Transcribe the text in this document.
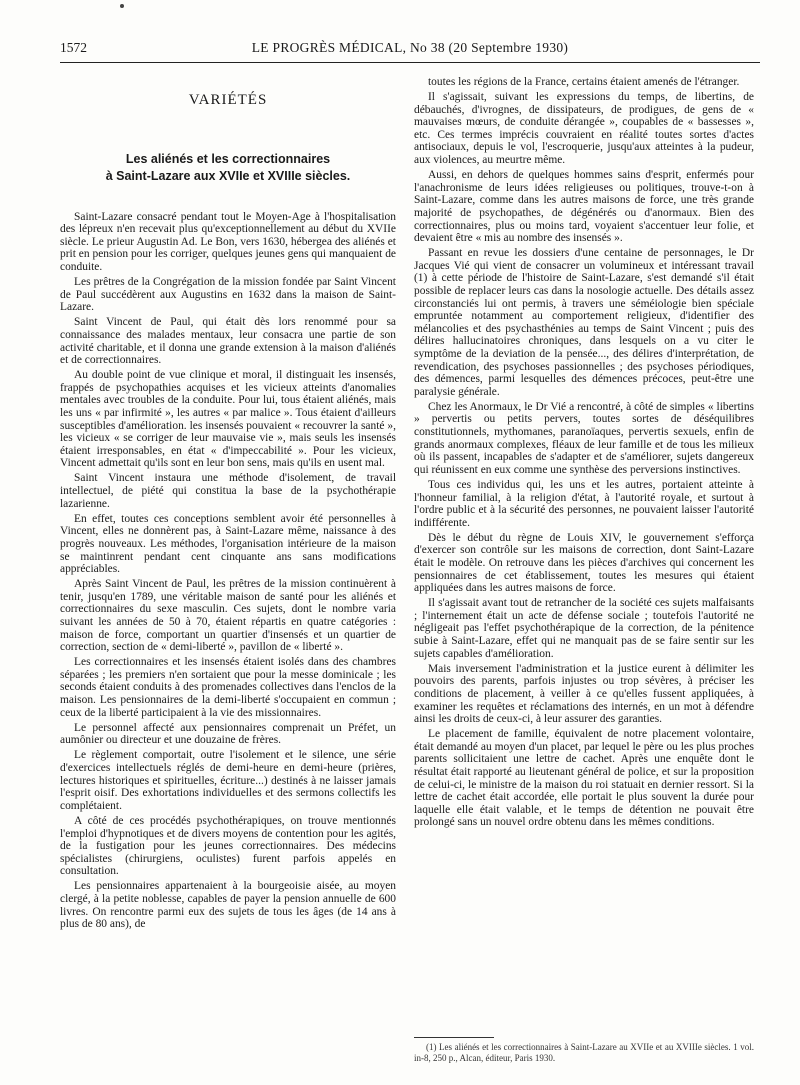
1572	LE PROGRÈS MÉDICAL, No 38 (20 Septembre 1930)
VARIÉTÉS
Les aliénés et les correctionnaires
à Saint-Lazare aux XVIIe et XVIIIe siècles.

Saint-Lazare consacré pendant tout le Moyen-Age à l'hospitalisation des lépreux n'en recevait plus qu'exceptionnellement au début du XVIIe siècle. Le prieur Augustin Ad. Le Bon, vers 1630, hébergea des aliénés et prit en pension pour les corriger, quelques jeunes gens qui manquaient de conduite.

Les prêtres de la Congrégation de la mission fondée par Saint Vincent de Paul succédèrent aux Augustins en 1632 dans la maison de Saint-Lazare.

Saint Vincent de Paul, qui était dès lors renommé pour sa connaissance des malades mentaux, leur consacra une partie de son activité charitable, et il donna une grande extension à la maison d'aliénés et de correctionnaires.

Au double point de vue clinique et moral, il distinguait les insensés, frappés de psychopathies acquises et les vicieux atteints d'anomalies mentales avec troubles de la conduite. Pour lui, tous étaient aliénés, mais les uns « par infirmité », les autres « par malice ». Tous étaient d'ailleurs susceptibles d'amélioration. les insensés pouvaient « recouvrer la santé », les vicieux « se corriger de leur mauvaise vie », mais seuls les insensés étaient irresponsables, en état « d'impeccabilité ». Pour les vicieux, Vincent admettait qu'ils sont en leur bon sens, mais qu'ils en usent mal.

Saint Vincent instaura une méthode d'isolement, de travail intellectuel, de piété qui constitua la base de la psychothérapie lazarienne.

En effet, toutes ces conceptions semblent avoir été personnelles à Vincent, elles ne donnèrent pas, à Saint-Lazare même, naissance à des progrès nouveaux. Les méthodes, l'organisation intérieure de la maison se maintinrent pendant cent cinquante ans sans modifications appréciables.

Après Saint Vincent de Paul, les prêtres de la mission continuèrent à tenir, jusqu'en 1789, une véritable maison de santé pour les aliénés et correctionnaires du sexe masculin. Ces sujets, dont le nombre varia suivant les années de 50 à 70, étaient répartis en quatre catégories : maison de force, comportant un quartier d'insensés et un quartier de correction, section de « demi-liberté », pavillon de « liberté ».

Les correctionnaires et les insensés étaient isolés dans des chambres séparées ; les premiers n'en sortaient que pour la messe dominicale ; les seconds étaient conduits à des promenades collectives dans l'enclos de la maison. Les pensionnaires de la demi-liberté s'occupaient en commun ; ceux de la liberté participaient à la vie des missionnaires.

Le personnel affecté aux pensionnaires comprenait un Préfet, un aumônier ou directeur et une douzaine de frères.

Le règlement comportait, outre l'isolement et le silence, une série d'exercices intellectuels réglés de demi-heure en demi-heure (prières, lectures historiques et spirituelles, écriture...) destinés à ne laisser jamais l'esprit oisif. Des exhortations individuelles et des sermons collectifs les complétaient.

A côté de ces procédés psychothérapiques, on trouve mentionnés l'emploi d'hypnotiques et de divers moyens de contention pour les agités, de la fustigation pour les jeunes correctionnaires. Des médecins spécialistes (chirurgiens, oculistes) furent parfois appelés en consultation.

Les pensionnaires appartenaient à la bourgeoisie aisée, au moyen clergé, à la petite noblesse, capables de payer la pension annuelle de 600 livres. On rencontre parmi eux des sujets de tous les âges (de 14 ans à plus de 80 ans), de

toutes les régions de la France, certains étaient amenés de l'étranger.

Il s'agissait, suivant les expressions du temps, de libertins, de débauchés, d'ivrognes, de dissipateurs, de prodigues, de gens de « mauvaises mœurs, de conduite dérangée », coupables de « bassesses », etc. Ces termes imprécis couvraient en réalité toutes sortes d'actes antisociaux, depuis le vol, l'escroquerie, jusqu'aux atteintes à la pudeur, aux violences, au meurtre même.

Aussi, en dehors de quelques hommes sains d'esprit, enfermés pour l'anachronisme de leurs idées religieuses ou politiques, trouve-t-on à Saint-Lazare, comme dans les autres maisons de force, une très grande majorité de psychopathes, de dégénérés ou d'anormaux. Bien des correctionnaires, plus ou moins tard, voyaient s'accentuer leur folie, et devaient être « mis au nombre des insensés ».

Passant en revue les dossiers d'une centaine de personnages, le Dr Jacques Vié qui vient de consacrer un volumineux et intéressant travail (1) à cette période de l'histoire de Saint-Lazare, s'est demandé s'il était possible de replacer leurs cas dans la nosologie actuelle. Des détails assez circonstanciés lui ont permis, à travers une séméiologie bien spéciale empruntée notamment au comportement religieux, d'identifier des mélancolies et des psychasthénies au temps de Saint Vincent ; puis des délires hallucinatoires chroniques, dans lesquels on a vu citer le symptôme de la deviation de la pensée..., des délires d'interprétation, de revendication, des psychoses passionnelles ; des psychoses périodiques, des démences, parmi lesquelles des démences précoces, peut-être une paralysie générale.

Chez les Anormaux, le Dr Vié a rencontré, à côté de simples « libertins » pervertis ou petits pervers, toutes sortes de déséquilibres constitutionnels, mythomanes, paranoïaques, pervertis sexuels, enfin de grands anormaux complexes, fléaux de leur famille et de tous les milieux où ils passent, incapables de s'adapter et de s'améliorer, sujets dangereux qui réunissent en eux comme une synthèse des perversions instinctives.

Tous ces individus qui, les uns et les autres, portaient atteinte à l'honneur familial, à la religion d'état, à l'autorité royale, et surtout à l'ordre public et à la sécurité des personnes, ne pouvaient laisser l'autorité indifférente.

Dès le début du règne de Louis XIV, le gouvernement s'efforça d'exercer son contrôle sur les maisons de correction, dont Saint-Lazare était le modèle. On retrouve dans les pièces d'archives qui concernent les pensionnaires de cet établissement, toutes les mesures qui étaient appliquées dans les autres maisons de force.

Il s'agissait avant tout de retrancher de la société ces sujets malfaisants ; l'internement était un acte de défense sociale ; toutefois l'autorité ne négligeait pas l'effet psychothérapique de la correction, de la pénitence subie à Saint-Lazare, effet qui ne manquait pas de se faire sentir sur les sujets capables d'amélioration.

Mais inversement l'administration et la justice eurent à délimiter les pouvoirs des parents, parfois injustes ou trop sévères, à préciser les conditions de placement, à veiller à ce qu'elles fussent appliquées, à examiner les requêtes et réclamations des internés, en un mot à défendre ainsi les droits de ceux-ci, à leur assurer des garanties.

Le placement de famille, équivalent de notre placement volontaire, était demandé au moyen d'un placet, par lequel le père ou les plus proches parents sollicitaient une lettre de cachet. Après une enquête dont le résultat était rapporté au lieutenant général de police, et sur la proposition de celui-ci, le ministre de la maison du roi statuait en dernier ressort. Si la lettre de cachet était accordée, elle portait le plus souvent la durée pour laquelle elle était valable, et le temps de détention ne pouvait être prolongé sans un nouvel ordre obtenu dans les mêmes conditions.

(1) Les aliénés et les correctionnaires à Saint-Lazare au XVIIe et au XVIIIe siècles. 1 vol. in-8, 250 p., Alcan, éditeur, Paris 1930.
